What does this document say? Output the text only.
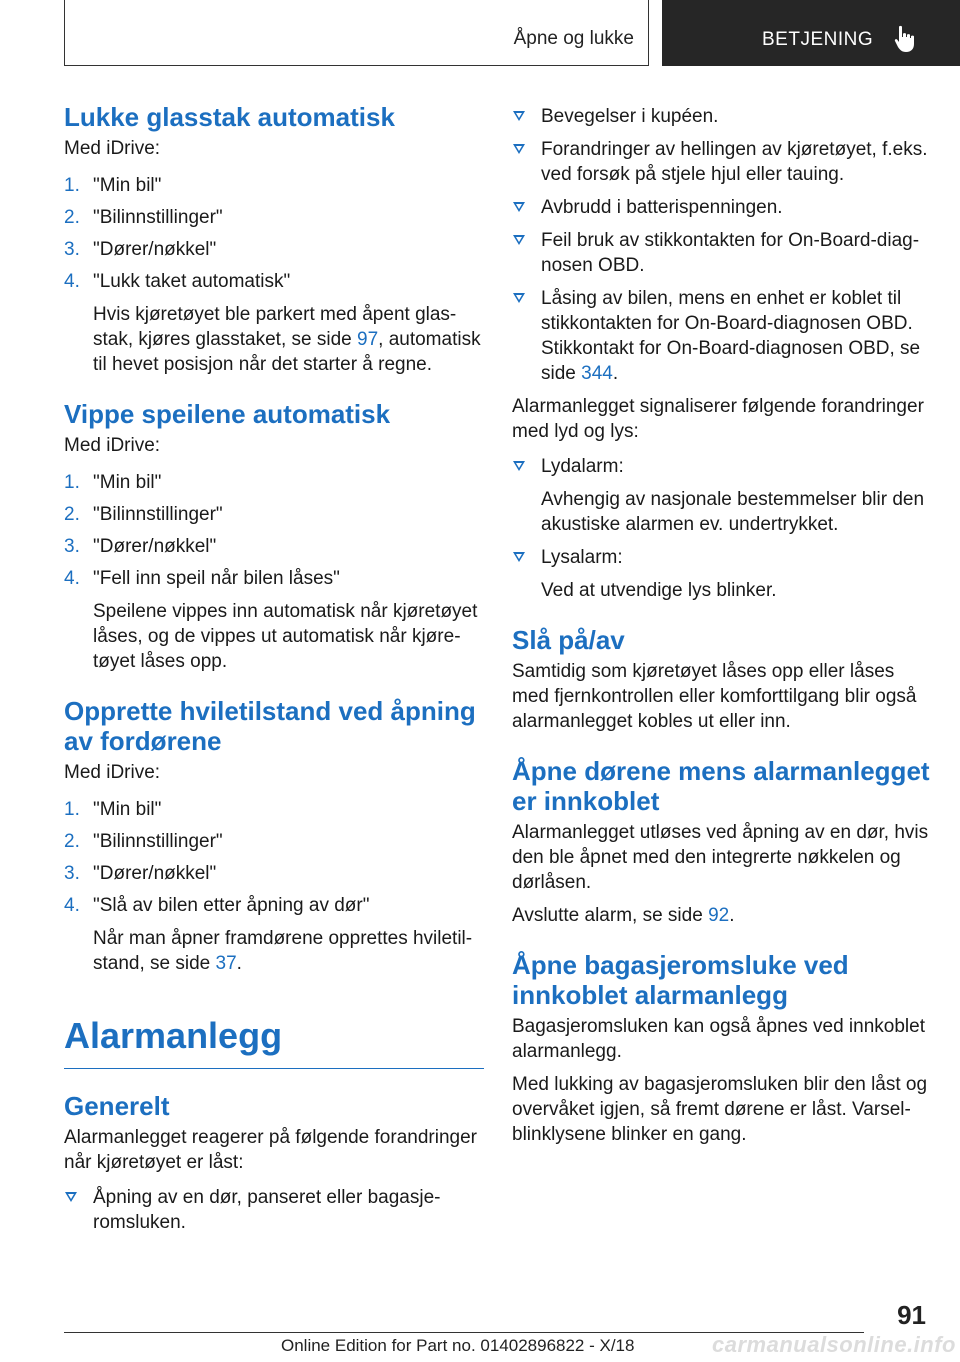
Åpne og lukke	BETJENING
Lukke glasstak automatisk

Med iDrive:

1. "Min bil"
2. "Bilinnstillinger"
3. "Dører/nøkkel"
4. "Lukk taket automatisk"
Hvis kjøretøyet ble parkert med åpent glasstak, kjøres glasstaket, se side 97, automatisk til hevet posisjon når det starter å regne.
Vippe speilene automatisk

Med iDrive:

1. "Min bil"
2. "Bilinnstillinger"
3. "Dører/nøkkel"
4. "Fell inn speil når bilen låses"
Speilene vippes inn automatisk når kjøretøyet låses, og de vippes ut automatisk når kjøretøyet låses opp.
Opprette hviletilstand ved åpning av fordørene

Med iDrive:

1. "Min bil"
2. "Bilinnstillinger"
3. "Dører/nøkkel"
4. "Slå av bilen etter åpning av dør"
Når man åpner framdørene opprettes hviletilstand, se side 37.
Alarmanlegg
Generelt

Alarmanlegget reagerer på følgende forandringer når kjøretøyet er låst:

Åpning av en dør, panseret eller bagasjeromsluken.
Bevegelser i kupéen.
Forandringer av hellingen av kjøretøyet, f.eks. ved forsøk på stjele hjul eller tauing.
Avbrudd i batterispenningen.
Feil bruk av stikkontakten for On-Board-diagnosen OBD.
Låsing av bilen, mens en enhet er koblet til stikkontakten for On-Board-diagnosen OBD. Stikkontakt for On-Board-diagnosen OBD, se side 344.

Alarmanlegget signaliserer følgende forandringer med lyd og lys:

Lydalarm:
Avhengig av nasjonale bestemmelser blir den akustiske alarmen ev. undertrykket.
Lysalarm:
Ved at utvendige lys blinker.
Slå på/av

Samtidig som kjøretøyet låses opp eller låses med fjernkontrollen eller komforttilgang blir også alarmanlegget kobles ut eller inn.

Åpne dørene mens alarmanlegget er innkoblet

Alarmanlegget utløses ved åpning av en dør, hvis den ble åpnet med den integrerte nøkkelen og dørlåsen.

Avslutte alarm, se side 92.

Åpne bagasjeromsluke ved innkoblet alarmanlegg

Bagasjeromsluken kan også åpnes ved innkoblet alarmanlegg.

Med lukking av bagasjeromsluken blir den låst og overvåket igjen, så fremt dørene er låst. Varselblinklysene blinker en gang.

91
Online Edition for Part no. 01402896822 - X/18	carmanualsonline.info
